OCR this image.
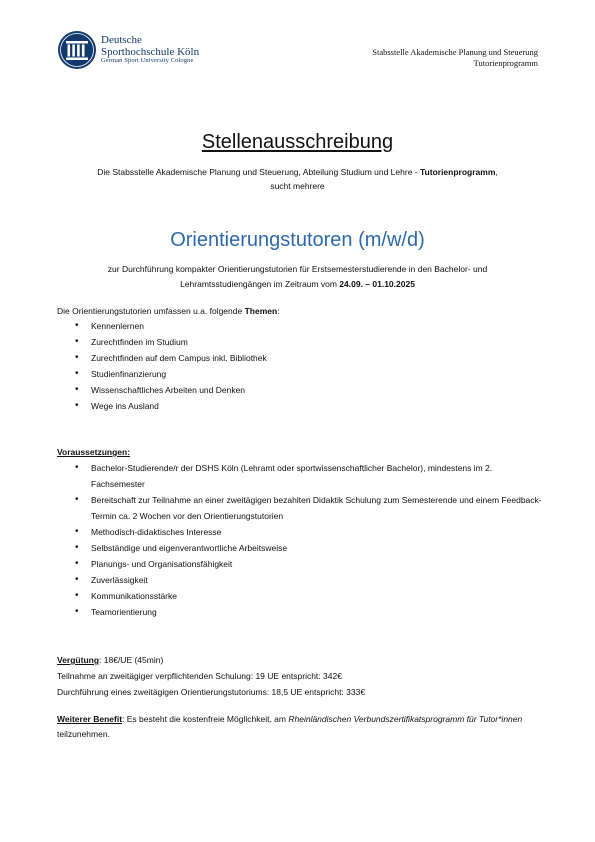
Deutsche
Sporthochschule Köln
German Sport University Cologne
Stabsstelle Akademische Planung und Steuerung
Tutorienprogramm
Stellenausschreibung
Die Stabsstelle Akademische Planung und Steuerung, Abteilung Studium und Lehre - Tutorienprogramm,
sucht mehrere
Orientierungstutoren (m/w/d)
zur Durchführung kompakter Orientierungstutorien für Erstsemesterstudierende in den Bachelor- und
Lehramtsstudiengängen im Zeitraum vom 24.09. – 01.10.2025
Die Orientierungstutorien umfassen u.a. folgende Themen:
• Kennenlernen
• Zurechtfinden im Studium
• Zurechtfinden auf dem Campus inkl. Bibliothek
• Studienfinanzierung
• Wissenschaftliches Arbeiten und Denken
• Wege ins Ausland
Voraussetzungen:
• Bachelor-Studierende/r der DSHS Köln (Lehramt oder sportwissenschaftlicher Bachelor), mindestens im 2. Fachsemester
• Bereitschaft zur Teilnahme an einer zweitägigen bezahlten Didaktik Schulung zum Semesterende und einem Feedback-Termin ca. 2 Wochen vor den Orientierungstutorien
• Methodisch-didaktisches Interesse
• Selbständige und eigenverantwortliche Arbeitsweise
• Planungs- und Organisationsfähigkeit
• Zuverlässigkeit
• Kommunikationsstärke
• Teamorientierung
Vergütung: 18€/UE (45min)
Teilnahme an zweitägiger verpflichtenden Schulung: 19 UE entspricht: 342€
Durchführung eines zweitägigen Orientierungstutoriums: 18,5 UE entspricht: 333€
Weiterer Benefit: Es besteht die kostenfreie Möglichkeit, am Rheinländischen Verbundszertifikatsprogramm für Tutor*innen
teilzunehmen.
